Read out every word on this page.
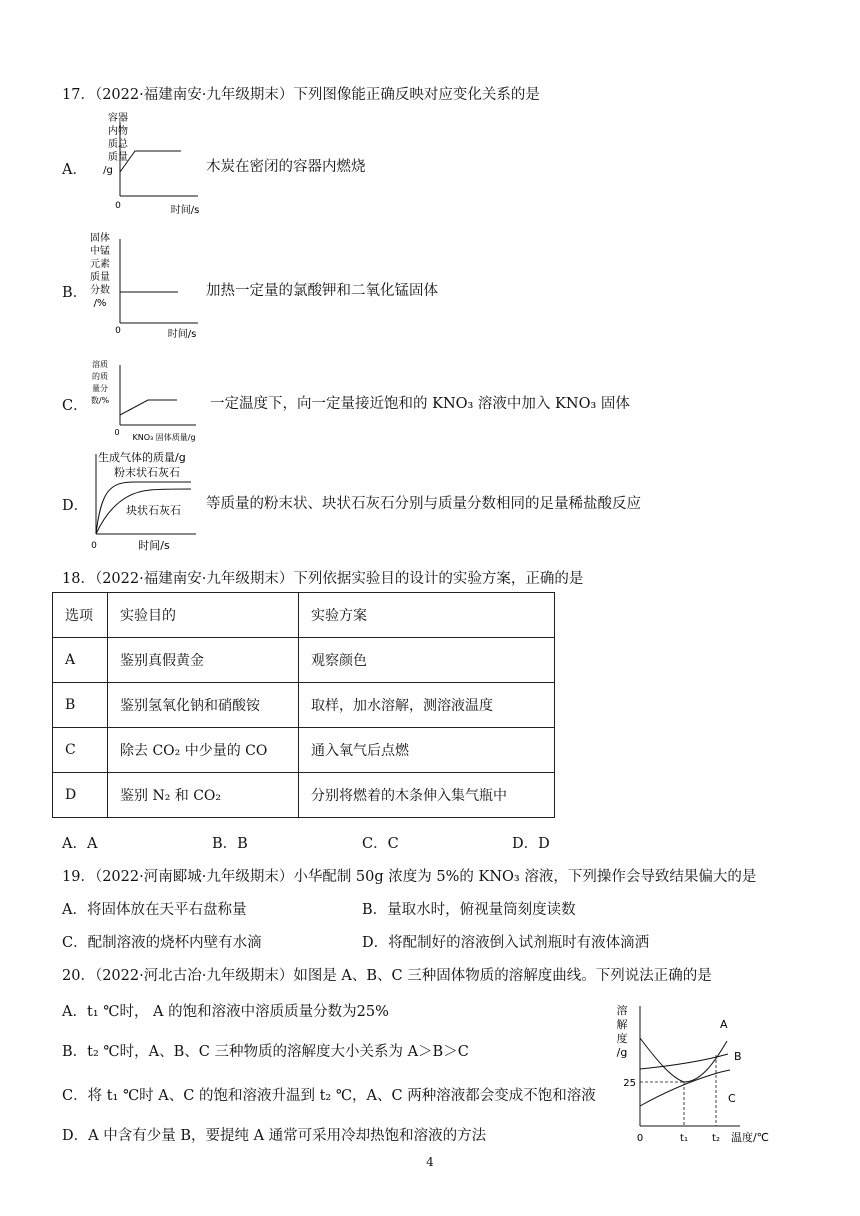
17．（2022·福建南安·九年级期末）下列图像能正确反映对应变化关系的是
A．
容器
内物
质总
质量
/g
0	时间/s
木炭在密闭的容器内燃烧
B．
固体
中锰
元素
质量
分数
/%
0	时间/s
加热一定量的氯酸钾和二氧化锰固体
C．
溶质
的质
量分
数/%
0
KNO₃ 固体质量/g
一定温度下，向一定量接近饱和的 KNO₃ 溶液中加入 KNO₃ 固体
D．
生成气体的质量/g
粉末状石灰石
块状石灰石
0	时间/s
等质量的粉末状、块状石灰石分别与质量分数相同的足量稀盐酸反应
18．（2022·福建南安·九年级期末）下列依据实验目的设计的实验方案，正确的是
选项	实验目的	实验方案
A	鉴别真假黄金	观察颜色
B	鉴别氢氧化钠和硝酸铵	取样，加水溶解，测溶液温度
C	除去 CO₂ 中少量的 CO	通入氧气后点燃
D	鉴别 N₂ 和 CO₂	分别将燃着的木条伸入集气瓶中
A．A	B．B	C．C	D．D
19．（2022·河南郾城·九年级期末）小华配制 50g 浓度为 5%的 KNO₃ 溶液，下列操作会导致结果偏大的是
A．将固体放在天平右盘称量	B．量取水时，俯视量筒刻度读数
C．配制溶液的烧杯内壁有水滴	D．将配制好的溶液倒入试剂瓶时有液体滴洒
20．（2022·河北古冶·九年级期末）如图是 A、B、C 三种固体物质的溶解度曲线。下列说法正确的是
A．t₁ ℃时， A 的饱和溶液中溶质质量分数为25%
B．t₂ ℃时，A、B、C 三种物质的溶解度大小关系为 A＞B＞C
C．将 t₁ ℃时 A、C 的饱和溶液升温到 t₂ ℃，A、C 两种溶液都会变成不饱和溶液
D．A 中含有少量 B，要提纯 A 通常可采用冷却热饱和溶液的方法
溶
解
度
/g
25
0	t₁ t₂ 温度/℃
A
B
C
4
